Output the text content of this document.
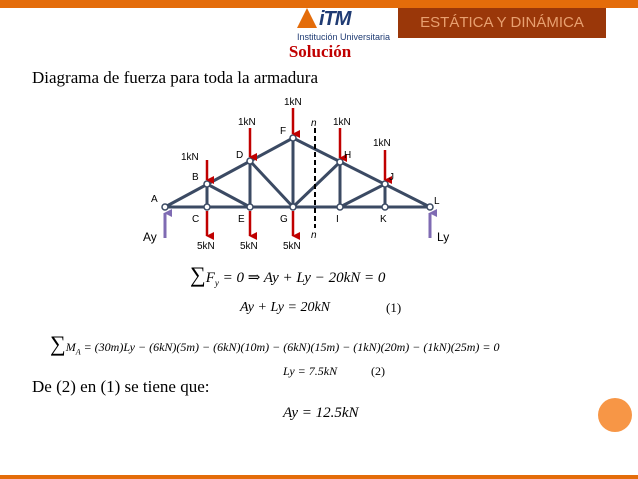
iTM
Institución Universitaria
ESTÁTICA Y DINÁMICA
Solución
Diagrama de fuerza para toda la armadura
A
B
C
D
E
F
G
H
I
J
K
L
n
n
1kN
1kN
1kN
1kN
1kN
5kN	5kN	5kN
Ay	Ly
$\sum F_y = 0$ ⇒ Ay + Ly − 20kN = 0
Ay + Ly = 20kN	(1)
$\sum M_A = (30m)Ly - (6kN)(5m) - (6kN)(10m) - (6kN)(15m) - (1kN)(20m) - (1kN)(25m) = 0$
Ly = 7.5kN	(2)
De (2) en (1) se tiene que:
Ay = 12.5kN
